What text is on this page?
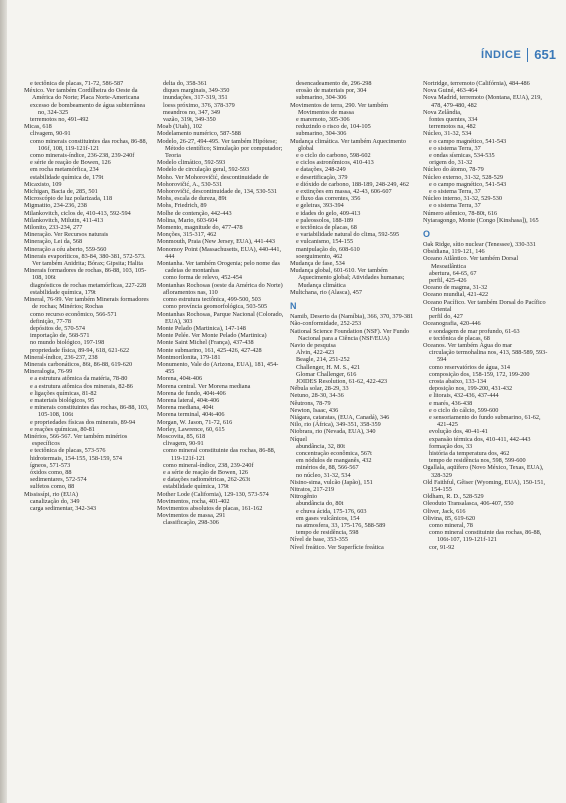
ÍNDICE 651
e tectônica de placas, 71-72, 586-587
México. Ver também Cordilheira do Oeste da América do Norte; Placa Norte-Americana
excesso de bombeamento de água subterrânea no, 324-325
terremotos no, 491-492
Micas, 618
clivagem, 90-91
como minerais constituintes das rochas, 86-88, 106f, 108, 119-121f-121
como minerais-índice, 236-238, 239-240f
e série de reação de Bowen, 126
em rocha metamórfica, 234
estabilidade química de, 179t
Micaxisto, 109
Michigan, Bacia de, 285, 501
Microscópio de luz polarizada, 118
Migmatito, 234-236, 238
Milankovitch, ciclos de, 410-413, 592-594
Milankovitch, Milutin, 411-413
Milonito, 233-234, 277
Mineração. Ver Recursos naturais
Mineração, Lei da, 568
Mineração a céu aberto, 559-560
Minerais evaporíticos, 83-84, 380-381, 572-573. Ver também Anidrita; Bórax; Gipsita; Halita
Minerais formadores de rochas, 86-88, 103, 105-108, 106t
diagnósticos de rochas metamórficas, 227-228
estabilidade química, 179t
Mineral, 76-99. Ver também Minerais formadores de rochas; Minérios; Rochas
como recurso econômico, 566-571
definição, 77-78
depósitos de, 570-574
importação de, 568-571
no mundo biológico, 197-198
propriedade física, 89-94, 618, 621-622
Mineral-índice, 236-237, 238
Minerais carbonáticos, 86t, 86-88, 619-620
Mineralogia, 76-99
e a estrutura atômica da matéria, 78-80
e a estrutura atômica dos minerais, 82-86
e ligações químicas, 81-82
e materiais biológicos, 95
e minerais constituintes das rochas, 86-88, 103, 105-108, 106t
e propriedades físicas dos minerais, 89-94
e reações químicas, 80-81
Minérios, 566-567. Ver também minérios específicos
e tectônica de placas, 573-576
hidrotermais, 154-155, 158-159, 574
ígneos, 571-573
óxidos como, 88
sedimentares, 572-574
sulfetos como, 88
Mississípi, rio (EUA)
canalização do, 349
carga sedimentar, 342-343
delta do, 358-361
diques marginais, 349-350
inundações, 317-319, 351
loess próximo, 376, 378-379
meandros no, 347, 349
vazão, 319t, 349-350
Moab (Utah), 102
Modelamento numérico, 587-588
Modelo, 26-27, 494-495. Ver também Hipótese; Método científico; Simulação por computador; Teoria
Modelo climático, 592-593
Modelo de circulação geral, 592-593
Moho. Ver Mohorovičić, descontinuidade de
Mohorovičić, A., 530-531
Mohorovičić, descontinuidade de, 134, 530-531
Mohs, escala de dureza, 89t
Mohs, Friedrich, 89
Molhe de contenção, 442-443
Molina, Mario, 603-604
Momento, magnitude do, 477-478
Monções, 315-317, 462
Monmouth, Praia (New Jersey, EUA), 441-443
Monomoy Point (Massachusetts, EUA), 440-441, 444
Montanha. Ver também Orogenia; pelo nome das cadeias de montanhas
como forma de relevo, 452-454
Montanhas Rochosas (oeste da América do Norte)
afloramentos nas, 110
como estrutura tectônica, 499-500, 503
como província geomorfológica, 503-505
Montanhas Rochosas, Parque Nacional (Colorado, EUA), 303
Monte Pelado (Martinica), 147-148
Monte Pelée. Ver Monte Pelado (Martinica)
Monte Saint Michel (França), 437-438
Monte submarino, 161, 425-426, 427-428
Montmorilonita, 179-181
Monumento, Vale do (Arizona, EUA), 181, 454-455
Morena, 404t-406
Morena central. Ver Morena mediana
Morena de fundo, 404t-406
Morena lateral, 404t-406
Morena mediana, 404t
Morena terminal, 404t-406
Morgan, W. Jason, 71-72, 616
Morley, Lawrence, 60, 615
Moscovita, 85, 618
clivagem, 90-91
como mineral constituinte das rochas, 86-88, 119-121f-121
como mineral-índice, 238, 239-240f
e a série de reação de Bowen, 126
e datações radiométricas, 262-263t
estabilidade química, 179t
Mother Lode (California), 129-130, 573-574
Movimentos, rocha, 401-402
Movimentos absolutos de placas, 161-162
Movimentos de massa, 291
classificação, 298-306
desencadeamento de, 296-298
erosão de materiais por, 304
submarino, 304-306
Movimentos de terra, 290. Ver também Movimentos de massa
e maremoto, 305-306
reduzindo o risco de, 104-105
submarino, 304-306
Mudança climática. Ver também Aquecimento global
e o ciclo do carbono, 598-602
e ciclos astronômicos, 410-413
e datações, 248-249
e desertificação, 379
e dióxido de carbono, 188-189, 248-249, 462
e extinções em massa, 42-43, 606-607
e fluxo das correntes, 356
e geleiras, 393-394
e idades do gelo, 409-413
e paleossolos, 188-189
e tectônica de placas, 68
e variabilidade natural do clima, 592-595
e vulcanismo, 154-155
manipulação do, 608-610
soerguimento, 462
Mudança de fase, 534
Mudança global, 601-610. Ver também Aquecimento global; Atividades humanas; Mudança climática
Multchana, rio (Alasca), 457
N
Namib, Deserto da (Namíbia), 366, 370, 379-381
Não-conformidade, 252-253
National Science Foundation (NSF). Ver Fundo Nacional para a Ciência (NSF/EUA)
Navio de pesquisa
Alvin, 422-423
Beagle, 214, 251-252
Challenger, H. M. S., 421
Glomar Challenger, 616
JOIDES Resolution, 61-62, 422-423
Nébula solar, 28-29, 33
Netuno, 28-30, 34-36
Nêutrons, 78-79
Newton, Isaac, 436
Niágara, cataratas, (EUA, Canadá), 346
Nilo, rio (África), 349-351, 358-359
Niobrara, rio (Nevada, EUA), 340
Níquel
abundância, 32, 80t
concentração econômica, 567t
em nódulos de manganês, 432
minérios de, 88, 566-567
no núcleo, 31-32, 534
Nisino-sima, vulcão (Japão), 151
Nitratos, 217-219
Nitrogênio
abundância do, 80t
e chuva ácida, 175-176, 603
em gases vulcânicos, 154
na atmosfera, 33, 175-176, 588-589
tempo de residência, 598
Nível de base, 353-355
Nível freático. Ver Superfície freática
Nortridge, terremoto (Califórnia), 484-486
Nova Guiné, 463-464
Nova Madrid, terremoto (Montana, EUA), 219, 478, 479-480, 482
Nova Zelândia,
fontes quentes, 334
terremotos na, 482
Núcleo, 31-32, 534
e o campo magnético, 541-543
e o sistema Terra, 37
e ondas sísmicas, 534-535
origem do, 31-32
Núcleo do átomo, 78-79
Núcleo externo, 31-32, 528-529
e o campo magnético, 541-543
e o sistema Terra, 37
Núcleo interno, 31-32, 529-530
e o sistema Terra, 37
Número atômico, 78-80t, 616
Nyiaragongo, Monte (Congo [Kinshasa]), 165
O
Oak Ridge, sítio nuclear (Tenessee), 330-331
Obsidiana, 119-121, 146
Oceano Atlântico. Ver também Dorsal Mesoatlântica
abertura, 64-65, 67
perfil, 425-426
Oceano de magma, 31-32
Oceano mundial, 421-422
Oceano Pacífico. Ver também Dorsal do Pacífico Oriental
perfil do, 427
Oceanografia, 420-446
e sondagem de mar profundo, 61-63
e tectônica de placas, 68
Oceanos. Ver também Água do mar
circulação termohalina nos, 413, 588-589, 593-594
como reservatórios de água, 314
composição dos, 158-159, 172, 199-200
crosta abaixo, 133-134
deposição nos, 199-200, 431-432
e litorais, 432-436, 437-444
e marés, 436-438
e o ciclo do cálcio, 599-600
e sensoriamento do fundo submarino, 61-62, 421-425
evolução dos, 40-41-41
expansão térmica dos, 410-411, 442-443
formação dos, 33
história da temperatura dos, 462
tempo de residência nos, 598, 599-600
Ogallala, aqüífero (Novo México, Texas, EUA), 328-329
Old Faithful, Gêiser (Wyoming, EUA), 150-151, 154-155
Oldham, R. D., 528-529
Oleoduto Transalasca, 406-407, 550
Oliver, Jack, 616
Olivina, 85, 619-620
como mineral, 78
como mineral constituinte das rochas, 86-88, 106t-107, 119-121f-121
cor, 91-92
